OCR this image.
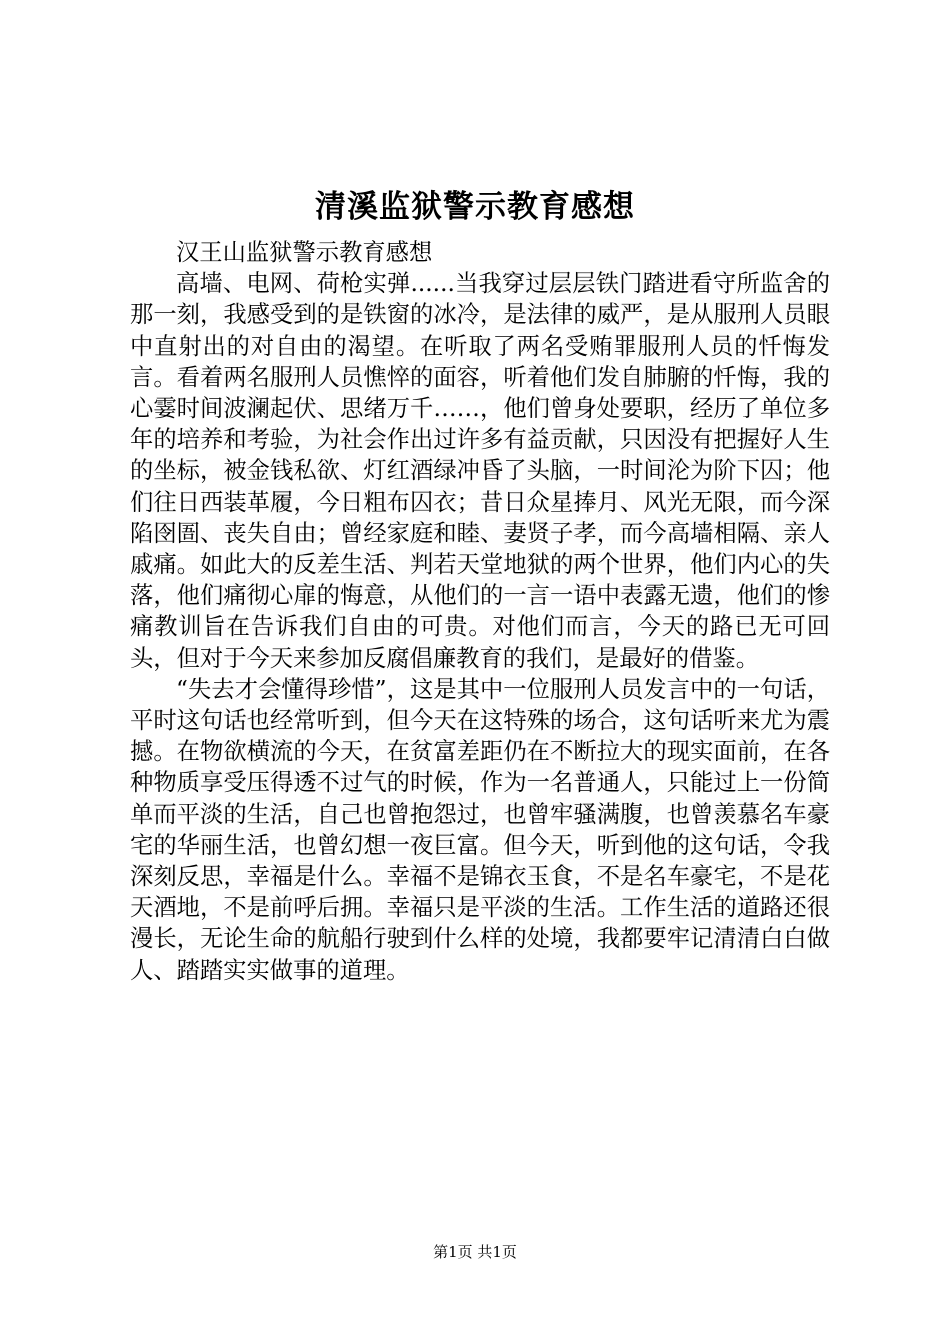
清溪监狱警示教育感想

汉王山监狱警示教育感想

高墙、电网、荷枪实弹......当我穿过层层铁门踏进看守所监舍的那一刻，我感受到的是铁窗的冰冷，是法律的威严，是从服刑人员眼中直射出的对自由的渴望。在听取了两名受贿罪服刑人员的忏悔发言。看着两名服刑人员憔悴的面容，听着他们发自肺腑的忏悔，我的心霎时间波澜起伏、思绪万千……，他们曾身处要职，经历了单位多年的培养和考验，为社会作出过许多有益贡献，只因没有把握好人生的坐标，被金钱私欲、灯红酒绿冲昏了头脑，一时间沦为阶下囚；他们往日西装革履，今日粗布囚衣；昔日众星捧月、风光无限，而今深陷囹圄、丧失自由；曾经家庭和睦、妻贤子孝，而今高墙相隔、亲人戚痛。如此大的反差生活、判若天堂地狱的两个世界，他们内心的失落，他们痛彻心扉的悔意，从他们的一言一语中表露无遗，他们的惨痛教训旨在告诉我们自由的可贵。对他们而言，今天的路已无可回头，但对于今天来参加反腐倡廉教育的我们，是最好的借鉴。

“失去才会懂得珍惜”，这是其中一位服刑人员发言中的一句话，平时这句话也经常听到，但今天在这特殊的场合，这句话听来尤为震撼。在物欲横流的今天，在贫富差距仍在不断拉大的现实面前，在各种物质享受压得透不过气的时候，作为一名普通人，只能过上一份简单而平淡的生活，自己也曾抱怨过，也曾牢骚满腹，也曾羡慕名车豪宅的华丽生活，也曾幻想一夜巨富。但今天，听到他的这句话，令我深刻反思，幸福是什么。幸福不是锦衣玉食，不是名车豪宅，不是花天酒地，不是前呼后拥。幸福只是平淡的生活。工作生活的道路还很漫长，无论生命的航船行驶到什么样的处境，我都要牢记清清白白做人、踏踏实实做事的道理。

第1页 共1页
